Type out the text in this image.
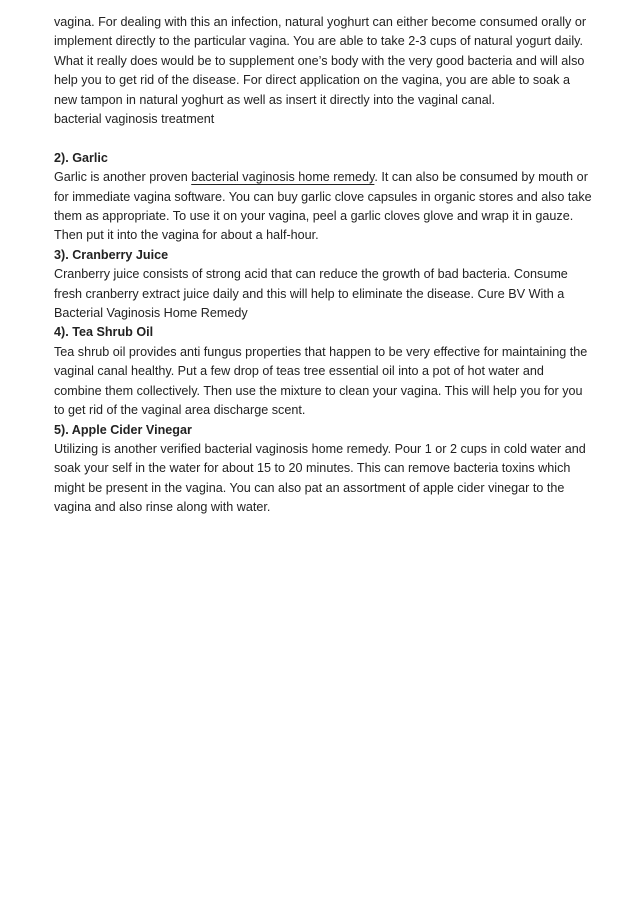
vagina. For dealing with this an infection, natural yoghurt can either become consumed orally or implement directly to the particular vagina. You are able to take 2-3 cups of natural yogurt daily. What it really does would be to supplement one’s body with the very good bacteria and will also help you to get rid of the disease. For direct application on the vagina, you are able to soak a new tampon in natural yoghurt as well as insert it directly into the vaginal canal.

bacterial vaginosis treatment

2). Garlic

Garlic is another proven bacterial vaginosis home remedy. It can also be consumed by mouth or for immediate vagina software. You can buy garlic clove capsules in organic stores and also take them as appropriate. To use it on your vagina, peel a garlic cloves glove and wrap it in gauze. Then put it into the vagina for about a half-hour.

3). Cranberry Juice

Cranberry juice consists of strong acid that can reduce the growth of bad bacteria. Consume fresh cranberry extract juice daily and this will help to eliminate the disease. Cure BV With a Bacterial Vaginosis Home Remedy

4). Tea Shrub Oil

Tea shrub oil provides anti fungus properties that happen to be very effective for maintaining the vaginal canal healthy. Put a few drop of teas tree essential oil into a pot of hot water and combine them collectively. Then use the mixture to clean your vagina. This will help you for you to get rid of the vaginal area discharge scent.

5). Apple Cider Vinegar

Utilizing is another verified bacterial vaginosis home remedy. Pour 1 or 2 cups in cold water and soak your self in the water for about 15 to 20 minutes. This can remove bacteria toxins which might be present in the vagina. You can also pat an assortment of apple cider vinegar to the vagina and also rinse along with water.
